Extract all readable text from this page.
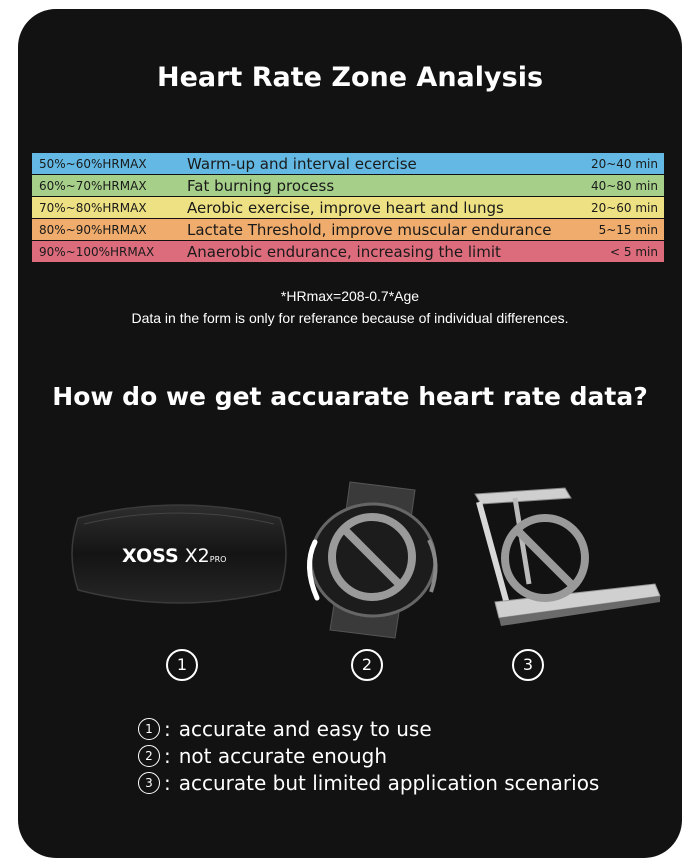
Heart Rate Zone Analysis
50%~60%HRMAX	Warm-up and interval ecercise	20~40 min
60%~70%HRMAX	Fat burning process	40~80 min
70%~80%HRMAX	Aerobic exercise, improve heart and lungs	20~60 min
80%~90%HRMAX	Lactate Threshold, improve muscular endurance	5~15 min
90%~100%HRMAX	Anaerobic endurance, increasing the limit	< 5 min
*HRmax=208-0.7*Age
Data in the form is only for referance because of individual differences.
How do we get accuarate heart rate data?
XOSS X2PRO
1	2	3
1 : accurate and easy to use
2 : not accurate enough
3 : accurate but limited application scenarios
